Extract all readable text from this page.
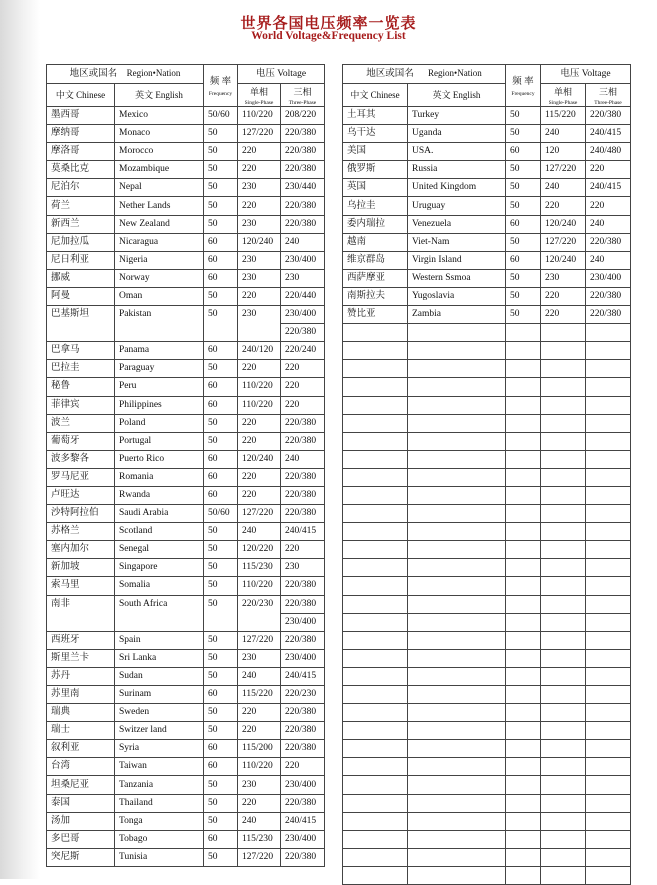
世界各国电压频率一览表
World Voltage&Frequency List
地区或国名 Region•Nation		频 率
Frequency	电压 Voltage	
中文 Chinese	英文 English		单相
Single-Phase	三相
Three-Phase

墨西哥	Mexico	50/60	110/220	208/220
摩纳哥	Monaco	50	127/220	220/380
摩洛哥	Morocco	50	220	220/380
莫桑比克	Mozambique	50	220	220/380
尼泊尔	Nepal	50	230	230/440
荷兰	Nether Lands	50	220	220/380
新西兰	New Zealand	50	230	220/380
尼加拉瓜	Nicaragua	60	120/240	240
尼日利亚	Nigeria	60	230	230/400
挪威	Norway	60	230	230
阿曼	Oman	50	220	220/440
巴基斯坦	Pakistan	50	230	230/400
				220/380
巴拿马	Panama	60	240/120	220/240
巴拉圭	Paraguay	50	220	220
秘鲁	Peru	60	110/220	220
菲律宾	Philippines	60	110/220	220
波兰	Poland	50	220	220/380
葡萄牙	Portugal	50	220	220/380
波多黎各	Puerto Rico	60	120/240	240
罗马尼亚	Romania	60	220	220/380
卢旺达	Rwanda	60	220	220/380
沙特阿拉伯	Saudi Arabia	50/60	127/220	220/380
苏格兰	Scotland	50	240	240/415
塞内加尔	Senegal	50	120/220	220
新加坡	Singapore	50	115/230	230
索马里	Somalia	50	110/220	220/380
南非	South Africa	50	220/230	220/380
				230/400
西班牙	Spain	50	127/220	220/380
斯里兰卡	Sri Lanka	50	230	230/400
苏丹	Sudan	50	240	240/415
苏里南	Surinam	60	115/220	220/230
瑞典	Sweden	50	220	220/380
瑞士	Switzer land	50	220	220/380
叙利亚	Syria	60	115/200	220/380
台湾	Taiwan	60	110/220	220
坦桑尼亚	Tanzania	50	230	230/400
泰国	Thailand	50	220	220/380
汤加	Tonga	50	240	240/415
多巴哥	Tobago	60	115/230	230/400
突尼斯	Tunisia	50	127/220	220/380
地区或国名 Region•Nation		频 率
Frequency	电压 Voltage	
中文 Chinese	英文 English		单相
Single-Phase	三相
Three-Phase

土耳其	Turkey	50	115/220	220/380
乌干达	Uganda	50	240	240/415
美国	USA.	60	120	240/480
俄罗斯	Russia	50	127/220	220
英国	United Kingdom	50	240	240/415
乌拉圭	Uruguay	50	220	220
委内瑞拉	Venezuela	60	120/240	240
越南	Viet-Nam	50	127/220	220/380
维京群岛	Virgin Island	60	120/240	240
西萨摩亚	Western Ssmoa	50	230	230/400
南斯拉夫	Yugoslavia	50	220	220/380
赞比亚	Zambia	50	220	220/380
